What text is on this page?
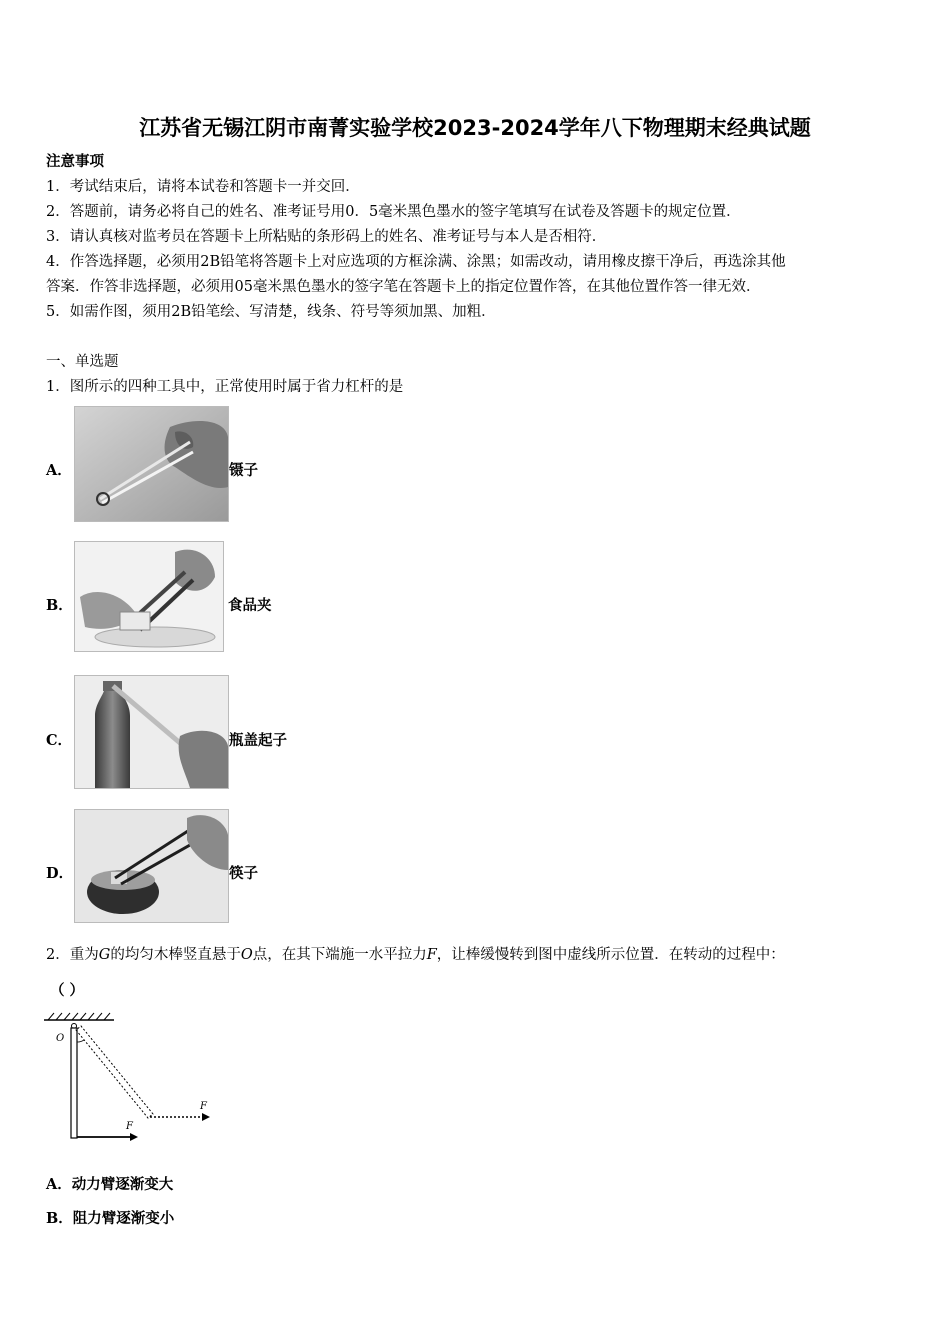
江苏省无锡江阴市南菁实验学校2023-2024学年八下物理期末经典试题
注意事项
1．考试结束后，请将本试卷和答题卡一并交回．
2．答题前，请务必将自己的姓名、准考证号用0．5毫米黑色墨水的签字笔填写在试卷及答题卡的规定位置．
3．请认真核对监考员在答题卡上所粘贴的条形码上的姓名、准考证号与本人是否相符．
4．作答选择题，必须用2B铅笔将答题卡上对应选项的方框涂满、涂黑；如需改动，请用橡皮擦干净后，再选涂其他
答案．作答非选择题，必须用05毫米黑色墨水的签字笔在答题卡上的指定位置作答，在其他位置作答一律无效．
5．如需作图，须用2B铅笔绘、写清楚，线条、符号等须加黑、加粗．
一、单选题
1．图所示的四种工具中，正常使用时属于省力杠杆的是
A．	镊子
B．	食品夹
C．	瓶盖起子
D．	筷子
2．重为G的均匀木棒竖直悬于O点，在其下端施一水平拉力F，让棒缓慢转到图中虚线所示位置．在转动的过程中：
（ ）
O
F
F
A．动力臂逐渐变大
B．阻力臂逐渐变小
